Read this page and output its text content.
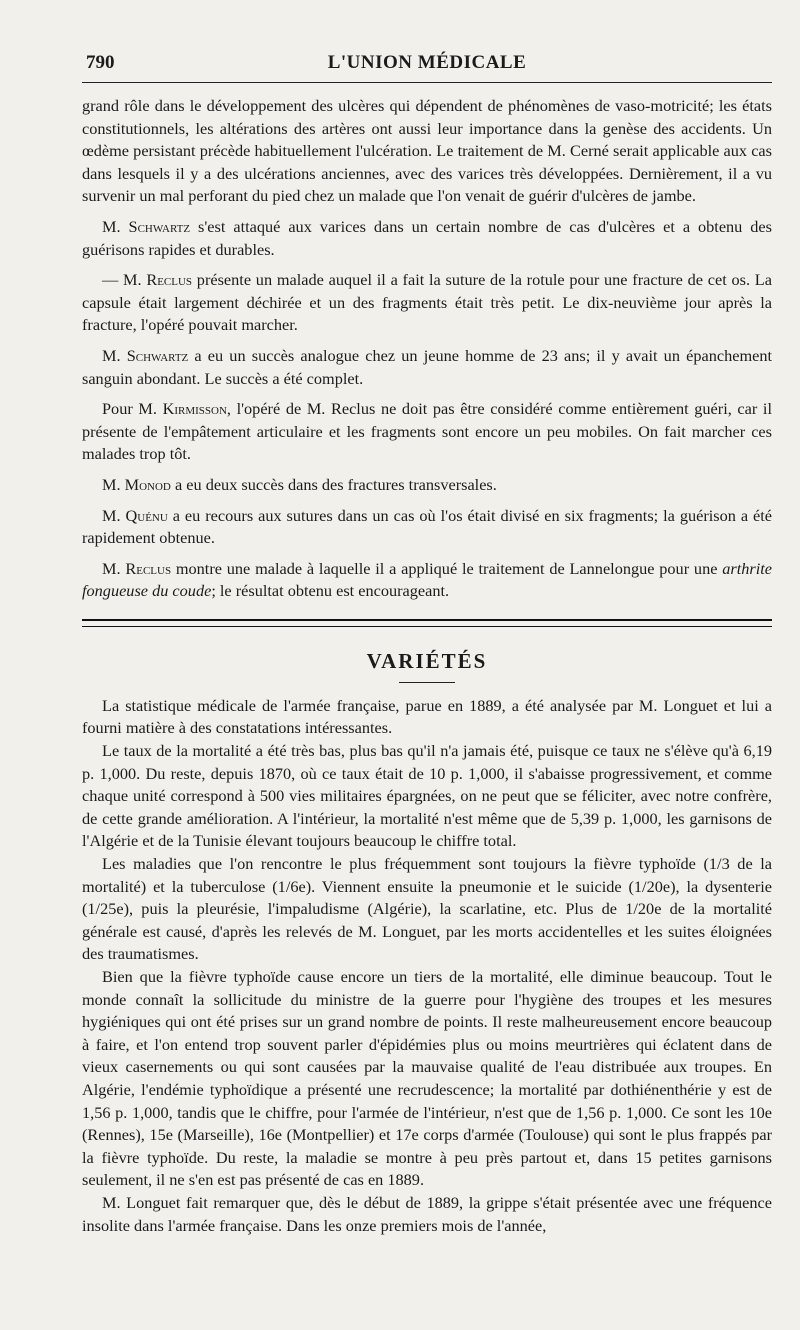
790	L'UNION MÉDICALE

grand rôle dans le développement des ulcères qui dépendent de phénomènes de vaso-motricité; les états constitutionnels, les altérations des artères ont aussi leur importance dans la genèse des accidents. Un œdème persistant précède habituellement l'ulcération. Le traitement de M. Cerné serait applicable aux cas dans lesquels il y a des ulcérations anciennes, avec des varices très développées. Dernièrement, il a vu survenir un mal perforant du pied chez un malade que l'on venait de guérir d'ulcères de jambe.

M. Schwartz s'est attaqué aux varices dans un certain nombre de cas d'ulcères et a obtenu des guérisons rapides et durables.

— M. Reclus présente un malade auquel il a fait la suture de la rotule pour une fracture de cet os. La capsule était largement déchirée et un des fragments était très petit. Le dix-neuvième jour après la fracture, l'opéré pouvait marcher.

M. Schwartz a eu un succès analogue chez un jeune homme de 23 ans; il y avait un épanchement sanguin abondant. Le succès a été complet.

Pour M. Kirmisson, l'opéré de M. Reclus ne doit pas être considéré comme entièrement guéri, car il présente de l'empâtement articulaire et les fragments sont encore un peu mobiles. On fait marcher ces malades trop tôt.

M. Monod a eu deux succès dans des fractures transversales.

M. Quénu a eu recours aux sutures dans un cas où l'os était divisé en six fragments; la guérison a été rapidement obtenue.

M. Reclus montre une malade à laquelle il a appliqué le traitement de Lannelongue pour une arthrite fongueuse du coude; le résultat obtenu est encourageant.

VARIÉTÉS

La statistique médicale de l'armée française, parue en 1889, a été analysée par M. Longuet et lui a fourni matière à des constatations intéressantes.

Le taux de la mortalité a été très bas, plus bas qu'il n'a jamais été, puisque ce taux ne s'élève qu'à 6,19 p. 1,000. Du reste, depuis 1870, où ce taux était de 10 p. 1,000, il s'abaisse progressivement, et comme chaque unité correspond à 500 vies militaires épargnées, on ne peut que se féliciter, avec notre confrère, de cette grande amélioration. A l'intérieur, la mortalité n'est même que de 5,39 p. 1,000, les garnisons de l'Algérie et de la Tunisie élevant toujours beaucoup le chiffre total.

Les maladies que l'on rencontre le plus fréquemment sont toujours la fièvre typhoïde (1/3 de la mortalité) et la tuberculose (1/6e). Viennent ensuite la pneumonie et le suicide (1/20e), la dysenterie (1/25e), puis la pleurésie, l'impaludisme (Algérie), la scarlatine, etc. Plus de 1/20e de la mortalité générale est causé, d'après les relevés de M. Longuet, par les morts accidentelles et les suites éloignées des traumatismes.

Bien que la fièvre typhoïde cause encore un tiers de la mortalité, elle diminue beaucoup. Tout le monde connaît la sollicitude du ministre de la guerre pour l'hygiène des troupes et les mesures hygiéniques qui ont été prises sur un grand nombre de points. Il reste malheureusement encore beaucoup à faire, et l'on entend trop souvent parler d'épidémies plus ou moins meurtrières qui éclatent dans de vieux casernements ou qui sont causées par la mauvaise qualité de l'eau distribuée aux troupes. En Algérie, l'endémie typhoïdique a présenté une recrudescence; la mortalité par dothiénenthérie y est de 1,56 p. 1,000, tandis que le chiffre, pour l'armée de l'intérieur, n'est que de 1,56 p. 1,000. Ce sont les 10e (Rennes), 15e (Marseille), 16e (Montpellier) et 17e corps d'armée (Toulouse) qui sont le plus frappés par la fièvre typhoïde. Du reste, la maladie se montre à peu près partout et, dans 15 petites garnisons seulement, il ne s'en est pas présenté de cas en 1889.

M. Longuet fait remarquer que, dès le début de 1889, la grippe s'était présentée avec une fréquence insolite dans l'armée française. Dans les onze premiers mois de l'année,
